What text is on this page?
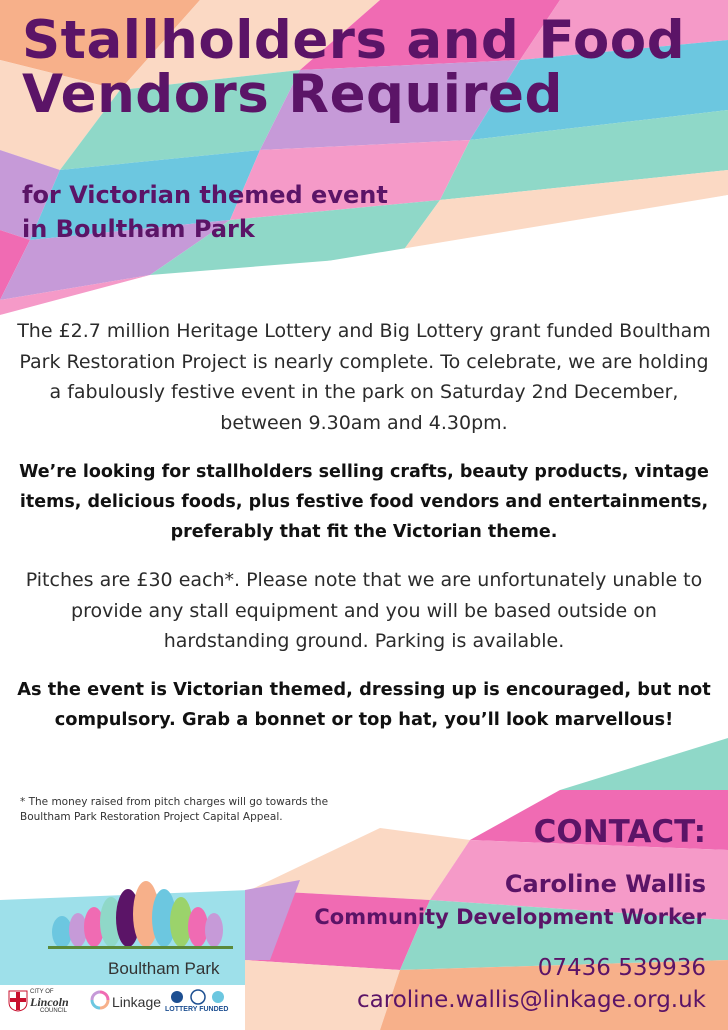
Stallholders and Food
Vendors Required
for Victorian themed event
in Boultham Park

The £2.7 million Heritage Lottery and Big Lottery grant funded Boultham Park Restoration Project is nearly complete. To celebrate, we are holding a fabulously festive event in the park on Saturday 2nd December, between 9.30am and 4.30pm.

We’re looking for stallholders selling crafts, beauty products, vintage items, delicious foods, plus festive food vendors and entertainments, preferably that fit the Victorian theme.

Pitches are £30 each*. Please note that we are unfortunately unable to provide any stall equipment and you will be based outside on hardstanding ground. Parking is available.

As the event is Victorian themed, dressing up is encouraged, but not compulsory. Grab a bonnet or top hat, you’ll look marvellous!

* The money raised from pitch charges will go towards the Boultham Park Restoration Project Capital Appeal.	CONTACT:

Caroline Wallis

Community Development Worker

07436 539936

caroline.wallis@linkage.org.uk

Boultham Park
CITY OF
Lincoln
COUNCIL
Linkage LOTTERY FUNDED
